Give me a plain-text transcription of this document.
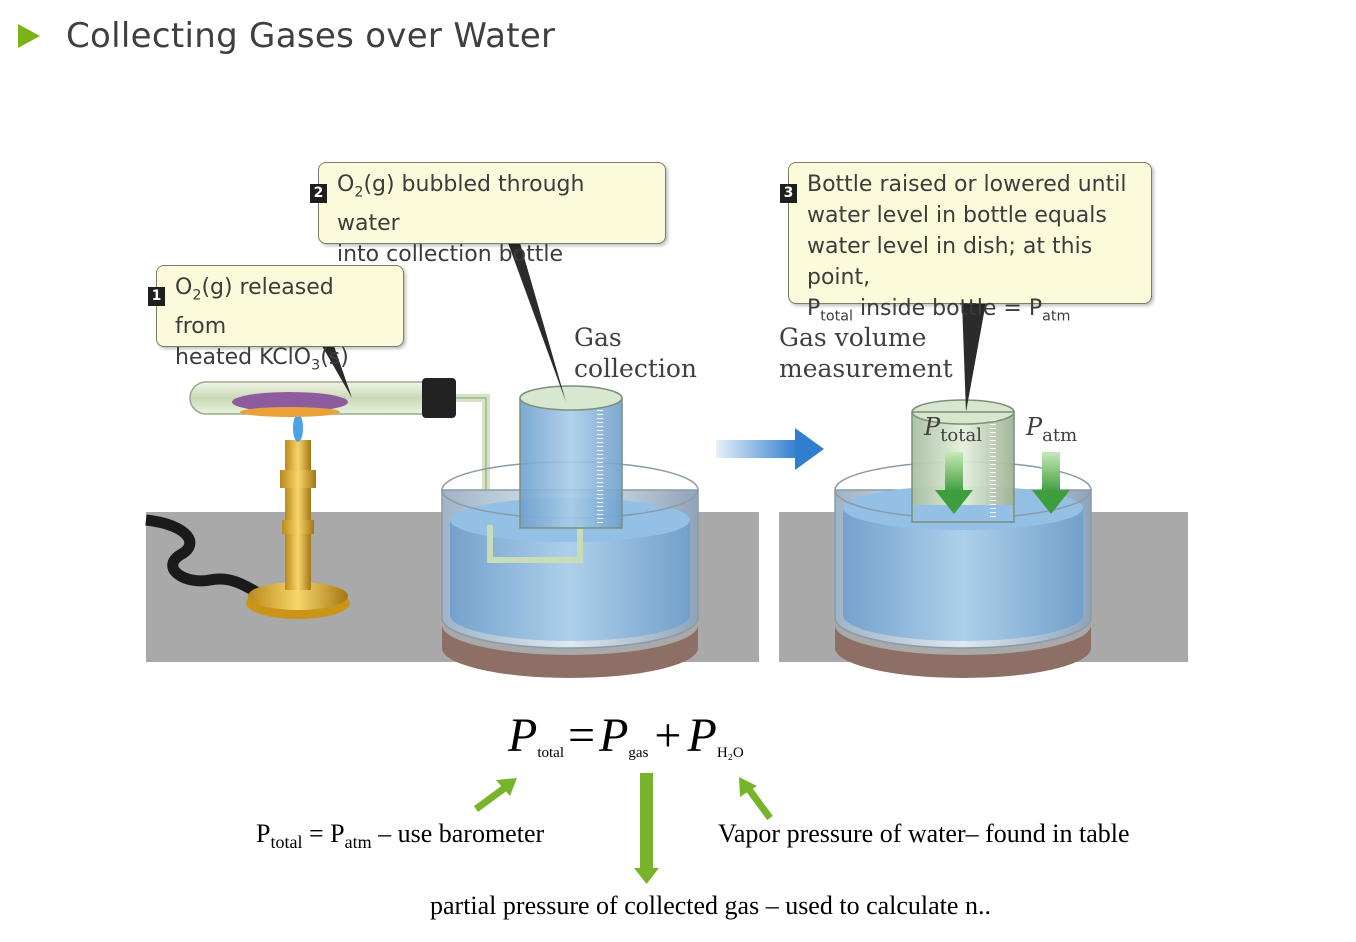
Collecting Gases over Water
$O_2(g)$ released from
heated KClO$_3$(s)
1
$O_2(g)$ bubbled through water
into collection bottle
2	Bottle raised or lowered until
water level in bottle equals
water level in dish; at this point,
$P_{total}$ inside bottle = $P_{atm}$
3
Gas
collection
Gas volume
measurement
$P_{total}$ $P_{atm}$
Ptotal=Pgas + PH₂O
$P_{total} = P_{atm}$ – use barometer	Vapor pressure of water– found in table
partial pressure of collected gas – used to calculate n..
